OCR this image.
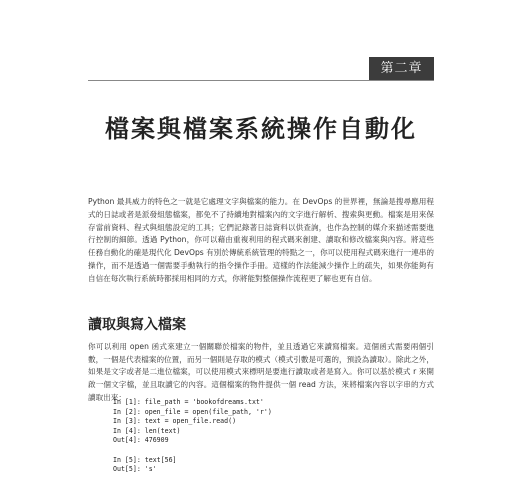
第二章
檔案與檔案系統操作自動化

Python 最具威力的特色之一就是它處理文字與檔案的能力。在 DevOps 的世界裡，無論是搜尋應用程式的日誌或者是派發組態檔案，都免不了持續地對檔案內的文字進行解析、搜索與更動。檔案是用來保存當前資料、程式與組態設定的工具；它們記錄著日誌資料以供查詢，也作為控制的媒介來描述需要進行控制的細節。透過 Python，你可以藉由重複利用的程式碼來創建、讀取和修改檔案與內容。將這些任務自動化的確是現代化 DevOps 有別於傳統系統管理的特點之一，你可以使用程式碼來進行一連串的操作，而不是透過一個需要手動執行的指令操作手冊。這樣的作法能減少操作上的疏失，如果你能夠有自信在每次執行系統時都採用相同的方式，你將能對整個操作流程更了解也更有自信。

讀取與寫入檔案

你可以利用 open 函式來建立一個關聯於檔案的物件，並且透過它來讀寫檔案。這個函式需要兩個引數，一個是代表檔案的位置，而另一個則是存取的模式（模式引數是可選的，預設為讀取）。除此之外，如果是文字或者是二進位檔案，可以使用模式來標明是要進行讀取或者是寫入。你可以基於模式 r 來開啟一個文字檔，並且取讀它的內容。這個檔案的物件提供一個 read 方法，來將檔案內容以字串的方式讀取出來：

In [1]: file_path = 'bookofdreams.txt'
In [2]: open_file = open(file_path, 'r')
In [3]: text = open_file.read()
In [4]: len(text)
Out[4]: 476909
In [5]: text[56]
Out[5]: 's'
